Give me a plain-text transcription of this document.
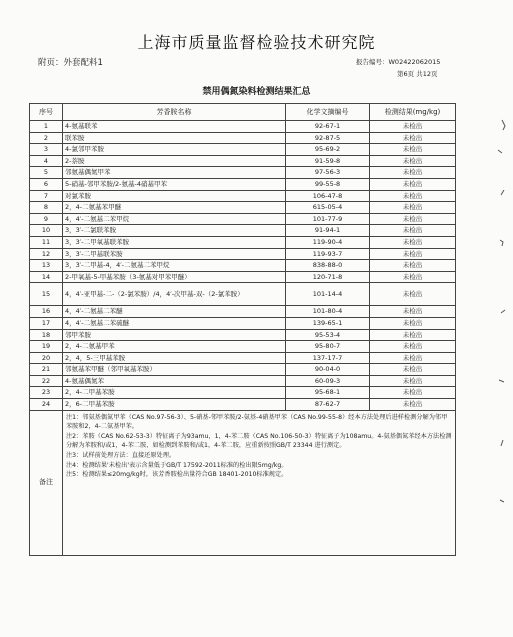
上海市质量监督检验技术研究院
附页：外套配料1	报告编号：W02422062015
第6页 共12页
禁用偶氮染料检测结果汇总
序号	芳香胺名称	化学文摘编号	检测结果(mg/kg)
1	4-氨基联苯	92-67-1	未检出
2	联苯胺	92-87-5	未检出
3	4-氯邻甲苯胺	95-69-2	未检出
4	2-萘胺	91-59-8	未检出
5	邻氨基偶氮甲苯	97-56-3	未检出
6	5-硝基-邻甲苯胺/2-氨基-4硝基甲苯	99-55-8	未检出
7	对氯苯胺	106-47-8	未检出
8	2，4-二氨基苯甲醚	615-05-4	未检出
9	4，4′-二氨基二苯甲烷	101-77-9	未检出
10	3，3′-二氯联苯胺	91-94-1	未检出
11	3，3′-二甲氧基联苯胺	119-90-4	未检出
12	3，3′-二甲基联苯胺	119-93-7	未检出
13	3，3′-二甲基-4，4′-二氨基二苯甲烷	838-88-0	未检出
14	2-甲氧基-5-甲基苯胺（3-氨基对甲苯甲醚）	120-71-8	未检出
15	4，4′-亚甲基-二-（2-氯苯胺）/4，4′-次甲基-双-（2-氯苯胺）	101-14-4	未检出
16	4，4′-二氨基二苯醚	101-80-4	未检出
17	4，4′-二氨基二苯硫醚	139-65-1	未检出
18	邻甲苯胺	95-53-4	未检出
19	2，4-二氨基甲苯	95-80-7	未检出
20	2，4，5-三甲基苯胺	137-17-7	未检出
21	邻氨基苯甲醚（邻甲氧基苯胺）	90-04-0	未检出
22	4-氨基偶氮苯	60-09-3	未检出
23	2，4-二甲基苯胺	95-68-1	未检出
24	2，6-二甲基苯胺	87-62-7	未检出
备注	注1：邻氨基偶氮甲苯（CAS No.97-56-3）、5-硝基-邻甲苯胺/2-氨基-4硝基甲苯（CAS No.99-55-8）经本方法处理后进样检测分解为邻甲苯胺和2，4-二氨基甲苯。
注2：苯胺（CAS No.62-53-3）特征离子为93amu，1，4-苯二胺（CAS No.106-50-3）特征离子为108amu。4-氨基偶氮苯经本方法检测分解为苯胺和/或1，4-苯二胺，如检测到苯胺和/或1，4-苯二胺，应重新按照GB/T 23344 进行测定。
注3：试样前处理方法：直接还原处理。
注4：检测结果'未检出'表示含量低于GB/T 17592-2011标准的检出限5mg/kg。
注5：检测结果≤20mg/kg时，该芳香胺检出量符合GB 18401-2010标准规定。		
